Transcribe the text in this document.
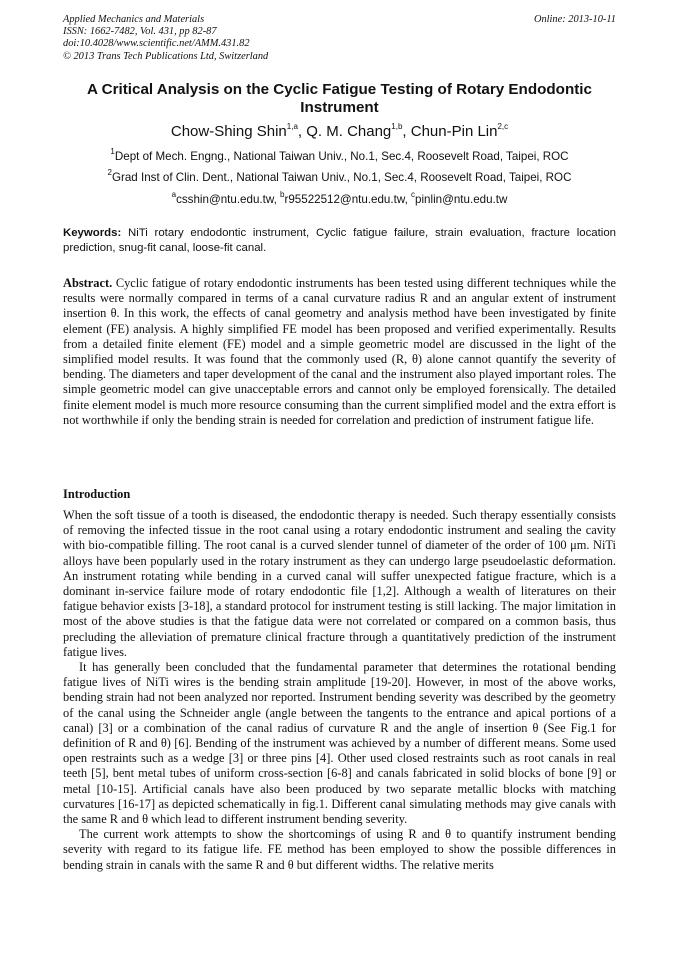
Applied Mechanics and Materials
ISSN: 1662-7482, Vol. 431, pp 82-87
doi:10.4028/www.scientific.net/AMM.431.82
© 2013 Trans Tech Publications Ltd, Switzerland
Online: 2013-10-11
A Critical Analysis on the Cyclic Fatigue Testing of Rotary Endodontic Instrument
Chow-Shing Shin$^{1,a}$, Q. M. Chang$^{1,b}$, Chun-Pin Lin$^{2,c}$
$^1$Dept of Mech. Engng., National Taiwan Univ., No.1, Sec.4, Roosevelt Road, Taipei, ROC
$^2$Grad Inst of Clin. Dent., National Taiwan Univ., No.1, Sec.4, Roosevelt Road, Taipei, ROC
$^a$csshin@ntu.edu.tw, $^b$r95522512@ntu.edu.tw, $^c$pinlin@ntu.edu.tw
Keywords: NiTi rotary endodontic instrument, Cyclic fatigue failure, strain evaluation, fracture location prediction, snug-fit canal, loose-fit canal.

Abstract. Cyclic fatigue of rotary endodontic instruments has been tested using different techniques while the results were normally compared in terms of a canal curvature radius R and an angular extent of instrument insertion θ. In this work, the effects of canal geometry and analysis method have been investigated by finite element (FE) analysis. A highly simplified FE model has been proposed and verified experimentally. Results from a detailed finite element (FE) model and a simple geometric model are discussed in the light of the simplified model results. It was found that the commonly used (R, θ) alone cannot quantify the severity of bending. The diameters and taper development of the canal and the instrument also played important roles. The simple geometric model can give unacceptable errors and cannot only be employed forensically. The detailed finite element model is much more resource consuming than the current simplified model and the extra effort is not worthwhile if only the bending strain is needed for correlation and prediction of instrument fatigue life.

Introduction

When the soft tissue of a tooth is diseased, the endodontic therapy is needed. Such therapy essentially consists of removing the infected tissue in the root canal using a rotary endodontic instrument and sealing the cavity with bio-compatible filling. The root canal is a curved slender tunnel of diameter of the order of 100 μm. NiTi alloys have been popularly used in the rotary instrument as they can undergo large pseudoelastic deformation. An instrument rotating while bending in a curved canal will suffer unexpected fatigue fracture, which is a dominant in-service failure mode of rotary endodontic file [1,2]. Although a wealth of literatures on their fatigue behavior exists [3-18], a standard protocol for instrument testing is still lacking. The major limitation in most of the above studies is that the fatigue data were not correlated or compared on a common basis, thus precluding the alleviation of premature clinical fracture through a quantitatively prediction of the instrument fatigue lives.

It has generally been concluded that the fundamental parameter that determines the rotational bending fatigue lives of NiTi wires is the bending strain amplitude [19-20]. However, in most of the above works, bending strain had not been analyzed nor reported. Instrument bending severity was described by the geometry of the canal using the Schneider angle (angle between the tangents to the entrance and apical portions of a canal) [3] or a combination of the canal radius of curvature R and the angle of insertion θ (See Fig.1 for definition of R and θ) [6]. Bending of the instrument was achieved by a number of different means. Some used open restraints such as a wedge [3] or three pins [4]. Other used closed restraints such as root canals in real teeth [5], bent metal tubes of uniform cross-section [6-8] and canals fabricated in solid blocks of bone [9] or metal [10-15]. Artificial canals have also been produced by two separate metallic blocks with matching curvatures [16-17] as depicted schematically in fig.1. Different canal simulating methods may give canals with the same R and θ which lead to different instrument bending severity.

The current work attempts to show the shortcomings of using R and θ to quantify instrument bending severity with regard to its fatigue life. FE method has been employed to show the possible differences in bending strain in canals with the same R and θ but different widths. The relative merits
